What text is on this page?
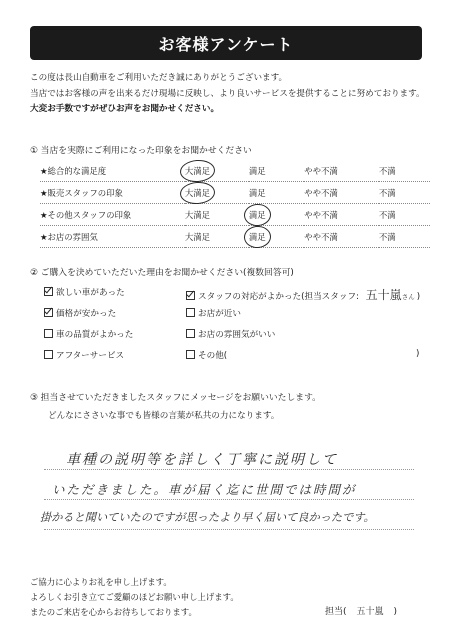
お客様アンケート
この度は長山自動車をご利用いただき誠にありがとうございます。
当店ではお客様の声を出来るだけ現場に反映し、より良いサービスを提供することに努めております。
大変お手数ですがぜひお声をお聞かせください。
① 当店を実際にご利用になった印象をお聞かせください
★総合的な満足度	大満足	満足	やや不満	不満
★販売スタッフの印象	大満足	満足	やや不満	不満
★その他スタッフの印象	大満足	満足	やや不満	不満
★お店の雰囲気	大満足	満足	やや不満	不満
② ご購入を決めていただいた理由をお聞かせください(複数回答可)
欲しい車があった
価格が安かった
車の品質がよかった
アフターサービス
スタッフの対応がよかった(担当スタッフ: 五十嵐さん )
お店が近い
お店の雰囲気がいい
その他(	)
③ 担当させていただきましたスタッフにメッセージをお願いいたします。
どんなにささいな事でも皆様の言葉が私共の力になります。
車種の説明等を詳しく丁寧に説明して
いただきました。車が届く迄に世間では時間が
掛かると聞いていたのですが思ったより早く届いて良かったです。
ご協力に心よりお礼を申し上げます。
よろしくお引き立てご愛顧のほどお願い申し上げます。
またのご来店を心からお待ちしております。	担当( 五十嵐 )
